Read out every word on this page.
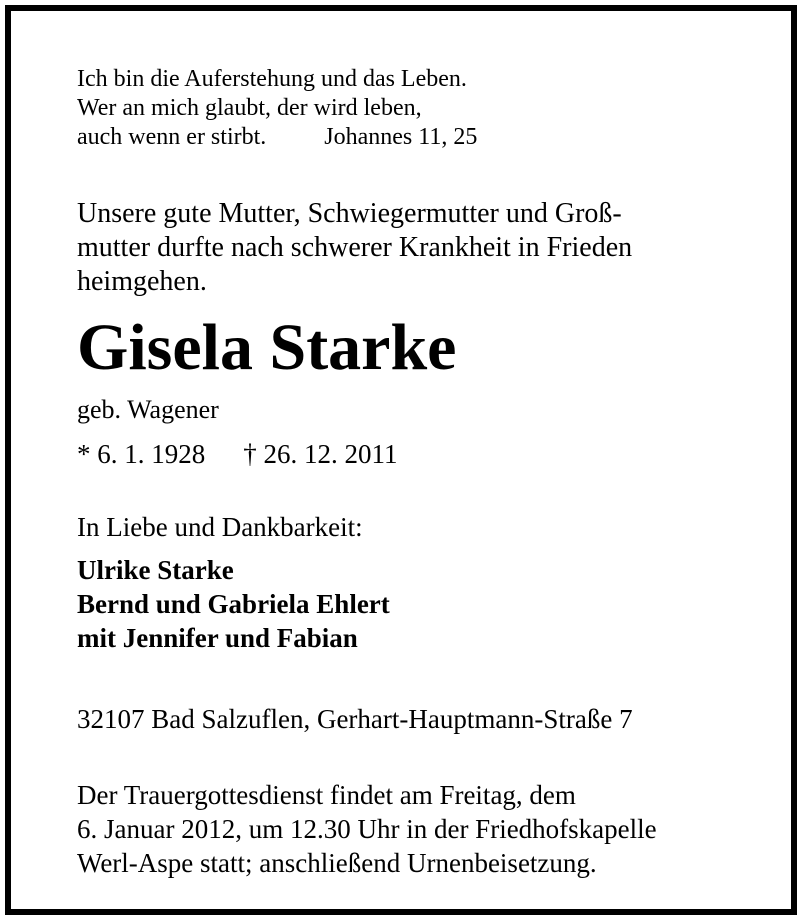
Ich bin die Auferstehung und das Leben.
Wer an mich glaubt, der wird leben,
auch wenn er stirbt. Johannes 11, 25
Unsere gute Mutter, Schwiegermutter und Groß-
mutter durfte nach schwerer Krankheit in Frieden
heimgehen.
Gisela Starke
geb. Wagener
* 6. 1. 1928 † 26. 12. 2011
In Liebe und Dankbarkeit:
Ulrike Starke
Bernd und Gabriela Ehlert
mit Jennifer und Fabian
32107 Bad Salzuflen, Gerhart-Hauptmann-Straße 7
Der Trauergottesdienst findet am Freitag, dem
6. Januar 2012, um 12.30 Uhr in der Friedhofskapelle
Werl-Aspe statt; anschließend Urnenbeisetzung.
